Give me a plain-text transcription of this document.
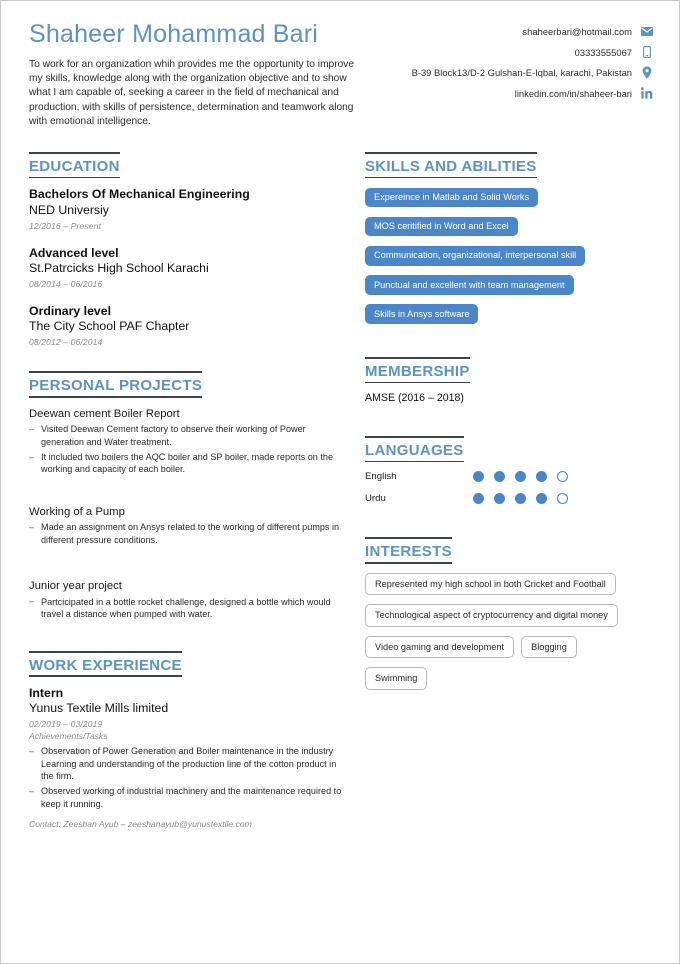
Shaheer Mohammad Bari
To work for an organization whih provides me the opportunity to improve my skills, knowledge along with the organization objective and to show what I am capable of, seeking a career in the field of mechanical and production, with skills of persistence, determination and teamwork along with emotional intelligence.
shaheerbari@hotmail.com
03333555067
B-39 Block13/D-2 Gulshan-E-Iqbal, karachi, Pakistan
linkedin.com/in/shaheer-bari
EDUCATION
Bachelors Of Mechanical Engineering
NED Universiy
12/2016 – Present
Advanced level
St.Patrcicks High School Karachi
08/2014 – 06/2016
Ordinary level
The City School PAF Chapter
08/2012 – 06/2014
PERSONAL PROJECTS
Deewan cement Boiler Report
– Visited Deewan Cement factory to observe their working of Power generation and Water treatment.
– It included two boilers the AQC boiler and SP boiler, made reports on the working and capacity of each boiler.
Working of a Pump
– Made an assignment on Ansys related to the working of different pumps in different pressure conditions.
Junior year project
– Partcicipated in a bottle rocket challenge, designed a bottle which would travel a distance when pumped with water.
WORK EXPERIENCE
Intern
Yunus Textile Mills limited
02/2019 – 03/2019
Achievements/Tasks
– Observation of Power Generation and Boiler maintenance in the industry Learning and understanding of the production line of the cotton product in the firm.
– Observed working of industrial machinery and the maintenance required to keep it running.
Contact: Zeeshan Ayub – zeeshanayub@yunustextile.com
SKILLS AND ABILITIES
Expereince in Matlab and Solid Works
MOS ceritified in Word and Excel
Communication, organizational, interpersonal skill
Punctual and excellent with team management
Skills in Ansys software
MEMBERSHIP
AMSE (2016 – 2018)
LANGUAGES
English
Urdu
INTERESTS
Represented my high school in both Cricket and Football
Technological aspect of cryptocurrency and digital money
Video gaming and development	Blogging
Swimming
